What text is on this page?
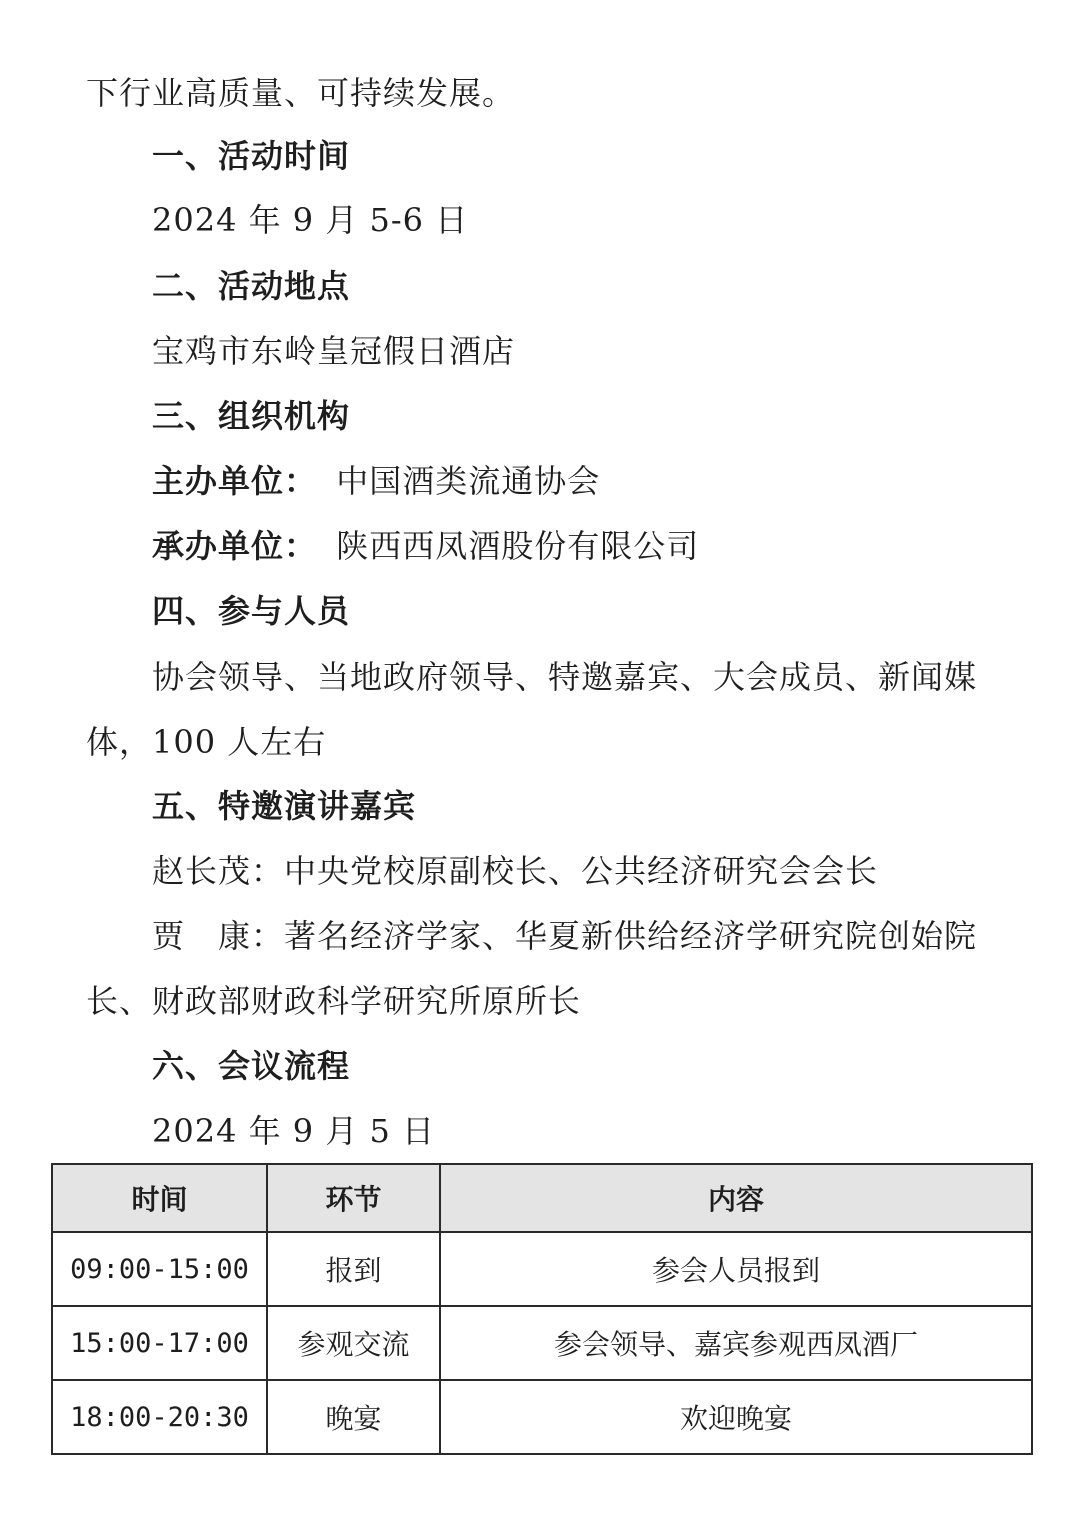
下行业高质量、可持续发展。
一、活动时间
2024 年 9 月 5-6 日
二、活动地点
宝鸡市东岭皇冠假日酒店
三、组织机构
主办单位： 中国酒类流通协会
承办单位： 陕西西凤酒股份有限公司
四、参与人员
协会领导、当地政府领导、特邀嘉宾、大会成员、新闻媒
体，100 人左右
五、特邀演讲嘉宾
赵长茂：中央党校原副校长、公共经济研究会会长
贾　康：著名经济学家、华夏新供给经济学研究院创始院
长、财政部财政科学研究所原所长
六、会议流程
2024 年 9 月 5 日
时间	环节	内容
09:00-15:00	报到	参会人员报到
15:00-17:00	参观交流	参会领导、嘉宾参观西凤酒厂
18:00-20:30	晚宴	欢迎晚宴
